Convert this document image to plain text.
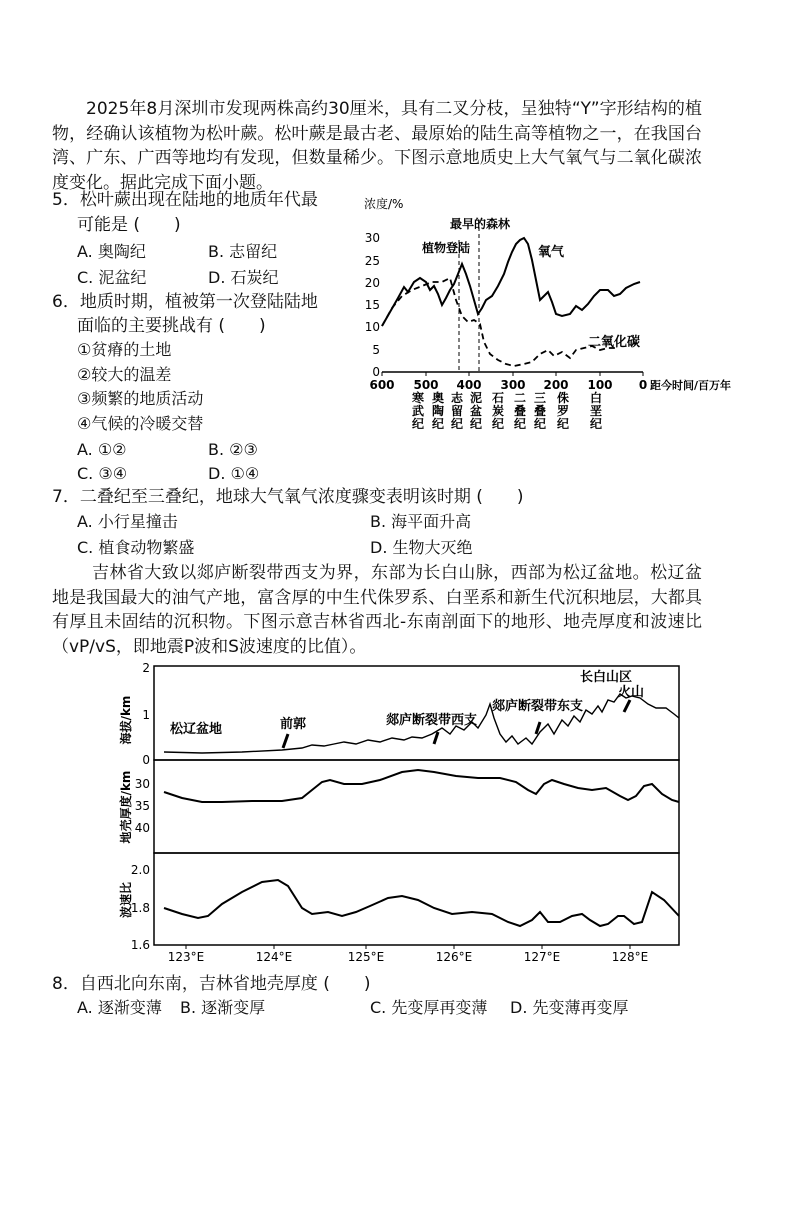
2025年8月深圳市发现两株高约30厘米，具有二叉分枝，呈独特“Y”字形结构的植物，经确认该植物为松叶蕨。松叶蕨是最古老、最原始的陆生高等植物之一，在我国台湾、广东、广西等地均有发现，但数量稀少。下图示意地质史上大气氧气与二氧化碳浓度变化。据此完成下面小题。
5．松叶蕨出现在陆地的地质年代最
可能是 (　　)
A. 奥陶纪	B. 志留纪
C. 泥盆纪	D. 石炭纪
6．地质时期，植被第一次登陆陆地
面临的主要挑战有 (　　)
①贫瘠的土地
②较大的温差
③频繁的地质活动
④气候的冷暖交替
A. ①②	B. ②③
C. ③④	D. ①④
浓度/%
最早的森林
植物登陆
30
25
20
15
10
5
0
600 500 400 300 200 100 0 距今时间/百万年
氧气
二氧化碳
寒武纪
奥陶纪
志留纪
泥盆纪
石炭纪
二叠纪
三叠纪
侏罗纪
白垩纪
7．二叠纪至三叠纪，地球大气氧气浓度骤变表明该时期 (　　)
A. 小行星撞击	B. 海平面升高
C. 植食动物繁盛	D. 生物大灭绝
吉林省大致以郯庐断裂带西支为界，东部为长白山脉，西部为松辽盆地。松辽盆地是我国最大的油气产地，富含厚的中生代侏罗系、白垩系和新生代沉积地层，大都具有厚且未固结的沉积物。下图示意吉林省西北-东南剖面下的地形、地壳厚度和波速比（vP/vS，即地震P波和S波速度的比值）。
海拔/km
2
1
0
松辽盆地	前郭	郯庐断裂带西支
郯庐断裂带东支
长白山区
火山
地壳厚度/km 30
35
40
波速比
2.0
1.8
1.6
123°E	124°E	125°E	126°E	127°E	128°E
8．自西北向东南，吉林省地壳厚度 (　　)
A. 逐渐变薄 B. 逐渐变厚	C. 先变厚再变薄 D. 先变薄再变厚
